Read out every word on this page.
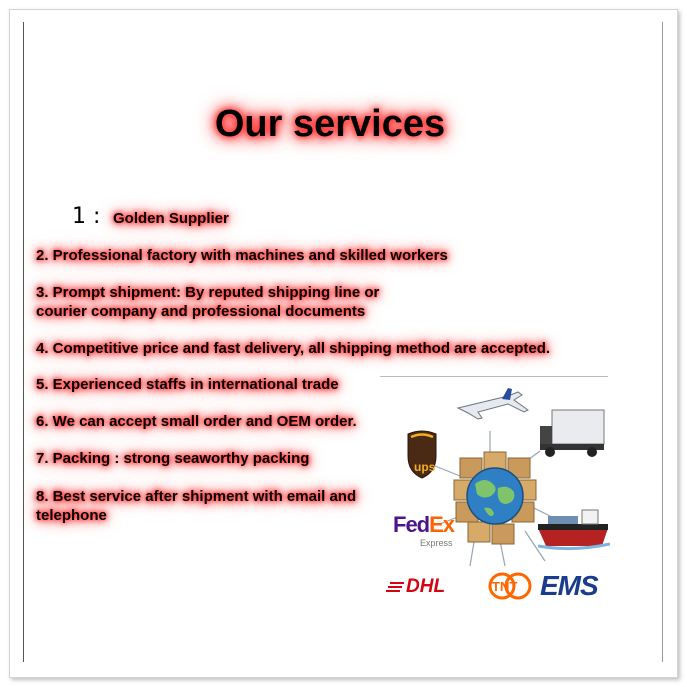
Our services
1 : Golden Supplier
2. Professional factory with machines and skilled workers
3. Prompt shipment: By reputed shipping line or
courier company and professional documents
4. Competitive price and fast delivery, all shipping method are accepted.
5. Experienced staffs in international trade
6. We can accept small order and OEM order.
7. Packing : strong seaworthy packing
8. Best service after shipment with email and
telephone
ups
FedEx
Express
DHL	TNT EMS
